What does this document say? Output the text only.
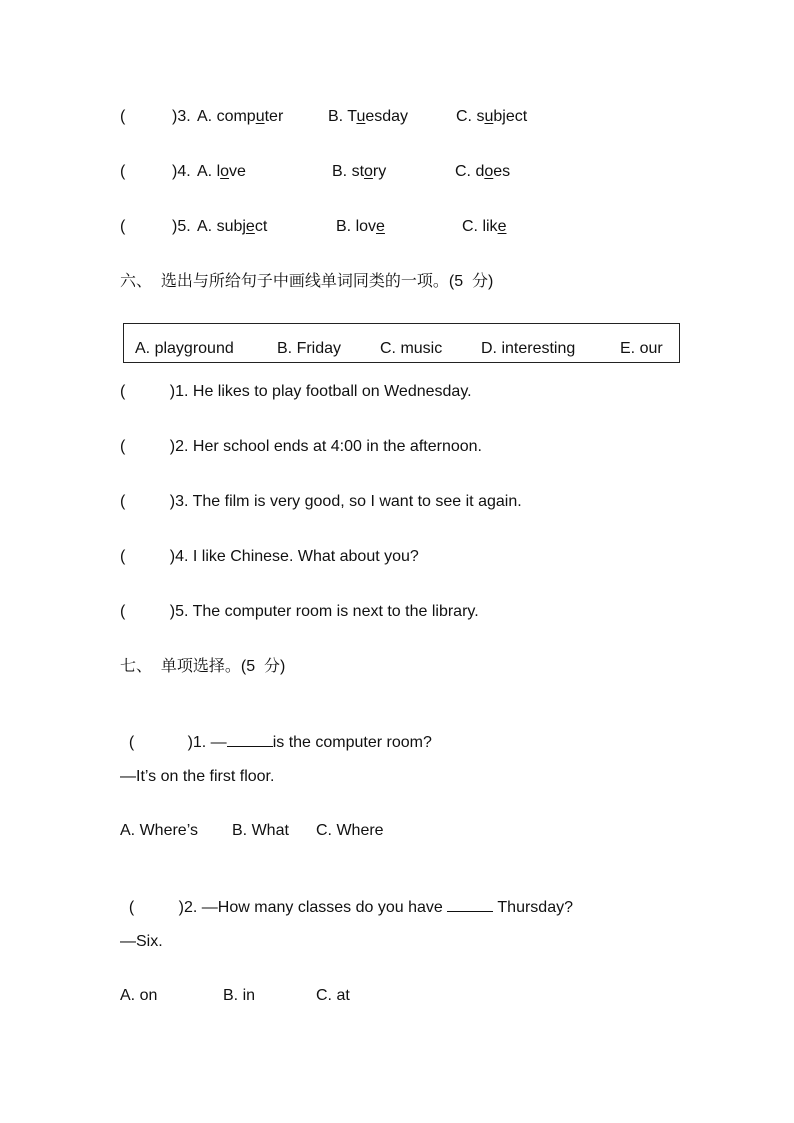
(	)3. A. computer	B. Tuesday	C. subject
(	)4. A. love	B. story	C. does
(	)5. A. subject	B. love	C. like
六、  选出与所给句子中画线单词同类的一项。(5  分)
A. playground	B. Friday C. music D. interesting	E. our
(          )1. He likes to play football on Wednesday.
(          )2. Her school ends at 4:00 in the afternoon.
(          )3. The film is very good, so I want to see it again.
(          )4. I like Chinese. What about you?
(          )5. The computer room is next to the library.
七、  单项选择。(5  分)

(            )1. —	is the computer room?

—It’s on the first floor.
A. Where’s B. What C. Where

(          )2. —How many classes do you have	Thursday?

—Six.
A. on	B. in	C. at
